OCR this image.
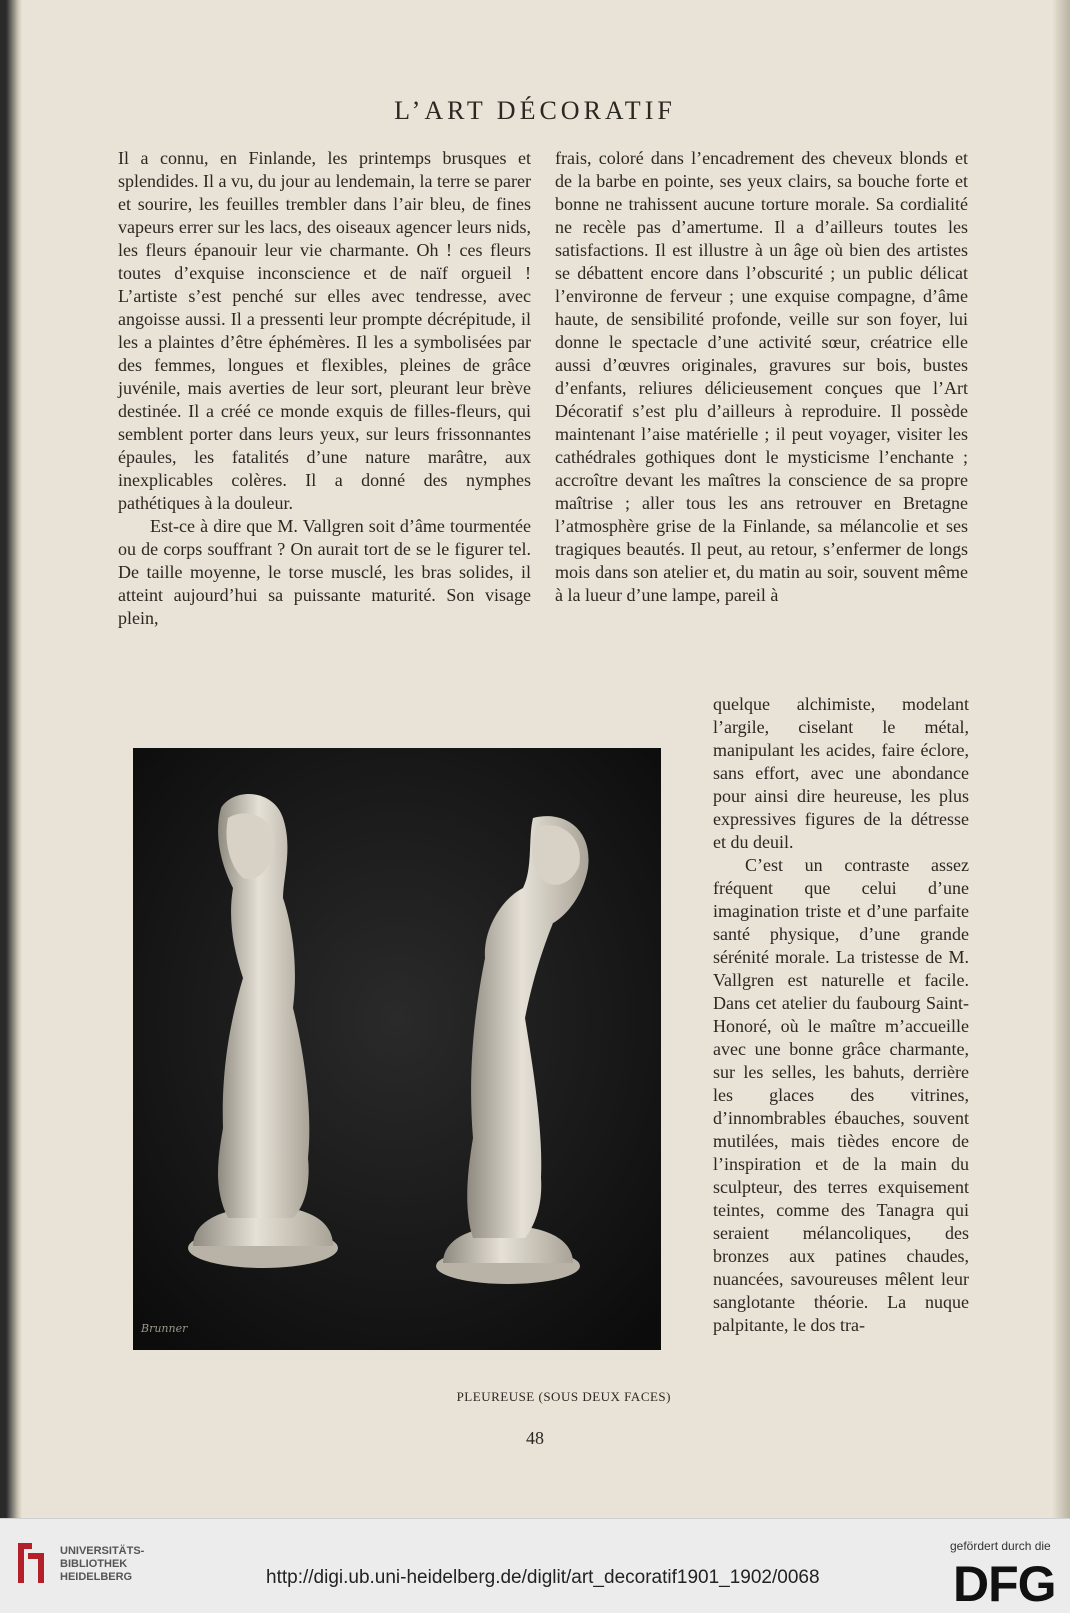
L’ART DÉCORATIF

Il a connu, en Finlande, les printemps brusques et splendides. Il a vu, du jour au lendemain, la terre se parer et sourire, les feuilles trembler dans l’air bleu, de fines vapeurs errer sur les lacs, des oiseaux agencer leurs nids, les fleurs épanouir leur vie charmante. Oh ! ces fleurs toutes d’exquise inconscience et de naïf orgueil ! L’artiste s’est penché sur elles avec tendresse, avec angoisse aussi. Il a pressenti leur prompte décrépitude, il les a plaintes d’être éphémères. Il les a symbolisées par des femmes, longues et flexibles, pleines de grâce juvénile, mais averties de leur sort, pleurant leur brève destinée. Il a créé ce monde exquis de filles-fleurs, qui semblent porter dans leurs yeux, sur leurs frissonnantes épaules, les fatalités d’une nature marâtre, aux inexplicables colères. Il a donné des nymphes pathétiques à la douleur.

Est-ce à dire que M. Vallgren soit d’âme tourmentée ou de corps souffrant ? On aurait tort de se le figurer tel. De taille moyenne, le torse musclé, les bras solides, il atteint aujourd’hui sa puissante maturité. Son visage plein,

frais, coloré dans l’encadrement des cheveux blonds et de la barbe en pointe, ses yeux clairs, sa bouche forte et bonne ne trahissent aucune torture morale. Sa cordialité ne recèle pas d’amertume. Il a d’ailleurs toutes les satisfactions. Il est illustre à un âge où bien des artistes se débattent encore dans l’obscurité ; un public délicat l’environne de ferveur ; une exquise compagne, d’âme haute, de sensibilité profonde, veille sur son foyer, lui donne le spectacle d’une activité sœur, créatrice elle aussi d’œuvres originales, gravures sur bois, bustes d’enfants, reliures délicieusement conçues que l’Art Décoratif s’est plu d’ailleurs à reproduire. Il possède maintenant l’aise matérielle ; il peut voyager, visiter les cathédrales gothiques dont le mysticisme l’enchante ; accroître devant les maîtres la conscience de sa propre maîtrise ; aller tous les ans retrouver en Bretagne l’atmosphère grise de la Finlande, sa mélancolie et ses tragiques beautés. Il peut, au retour, s’enfermer de longs mois dans son atelier et, du matin au soir, souvent même à la lueur d’une lampe, pareil à

Brunner

quelque alchimiste, modelant l’argile, ciselant le métal, manipulant les acides, faire éclore, sans effort, avec une abondance pour ainsi dire heureuse, les plus expressives figures de la détresse et du deuil.

C’est un contraste assez fréquent que celui d’une imagination triste et d’une parfaite santé physique, d’une grande sérénité morale. La tristesse de M. Vallgren est naturelle et facile. Dans cet atelier du faubourg Saint-Honoré, où le maître m’accueille avec une bonne grâce charmante, sur les selles, les bahuts, derrière les glaces des vitrines, d’innombrables ébauches, souvent mutilées, mais tièdes encore de l’inspiration et de la main du sculpteur, des terres exquisement teintes, comme des Tanagra qui seraient mélancoliques, des bronzes aux patines chaudes, nuancées, savoureuses mêlent leur sanglotante théorie. La nuque palpitante, le dos tra-

PLEUREUSE (SOUS DEUX FACES)
48
UNIVERSITÄTS-
BIBLIOTHEK
HEIDELBERG	http://digi.ub.uni-heidelberg.de/diglit/art_decoratif1901_1902/0068
gefördert durch die
DFG
